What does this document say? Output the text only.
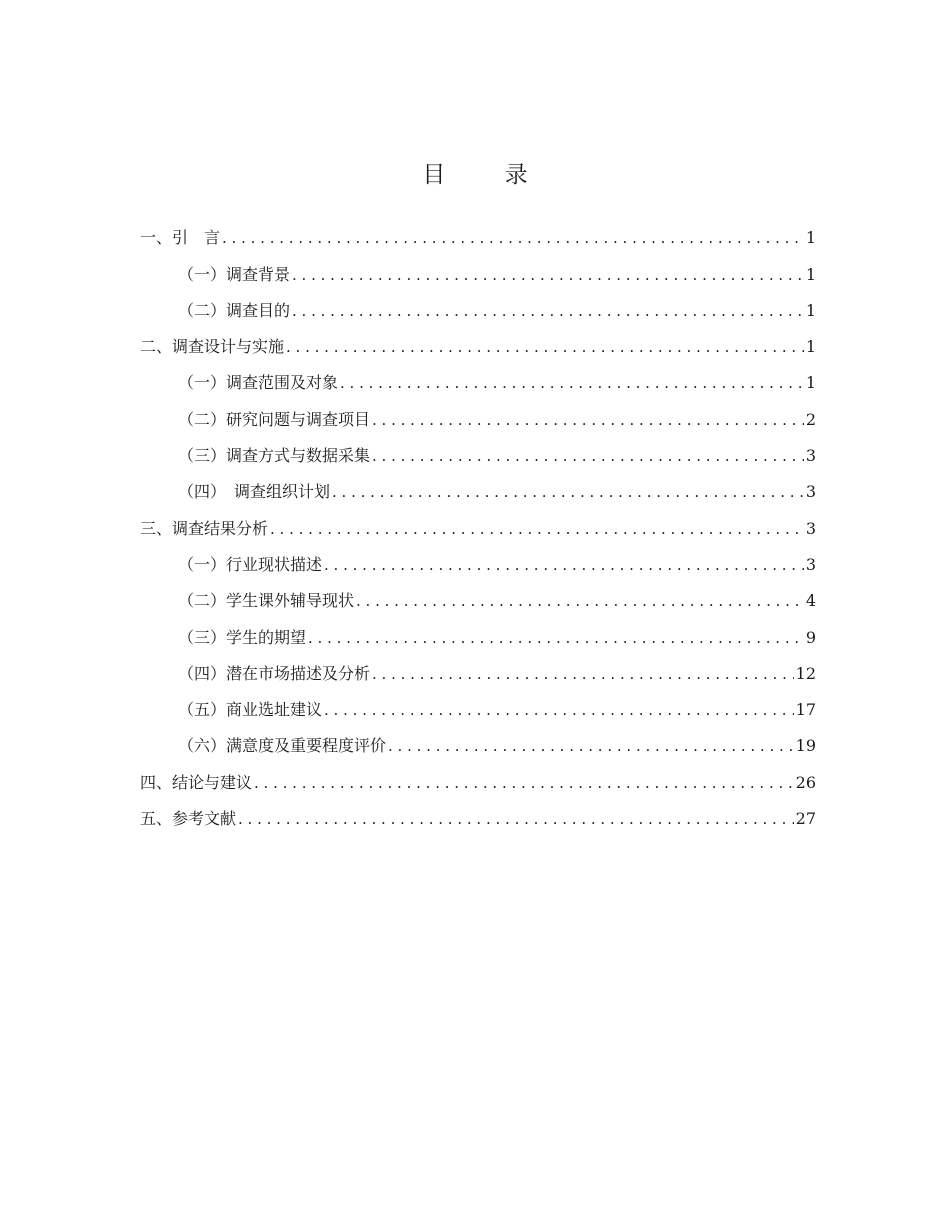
目 录
一、引　言 . . .	1
（一）调查背景 . . .	1
（二）调查目的 . . .	1
二、调查设计与实施 . . .	1
（一）调查范围及对象 . . .	1
（二）研究问题与调查项目 . . .	2
（三）调查方式与数据采集 . . .	3
（四）　调查组织计划 . . .	3
三、调查结果分析 . . .	3
（一）行业现状描述 . . .	3
（二）学生课外辅导现状 . . .	4
（三）学生的期望 . . .	9
（四）潜在市场描述及分析 . . .	12
（五）商业选址建议 . . .	17
（六）满意度及重要程度评价 . . .	19
四、结论与建议 . . .	26
五、参考文献 . . .	27
